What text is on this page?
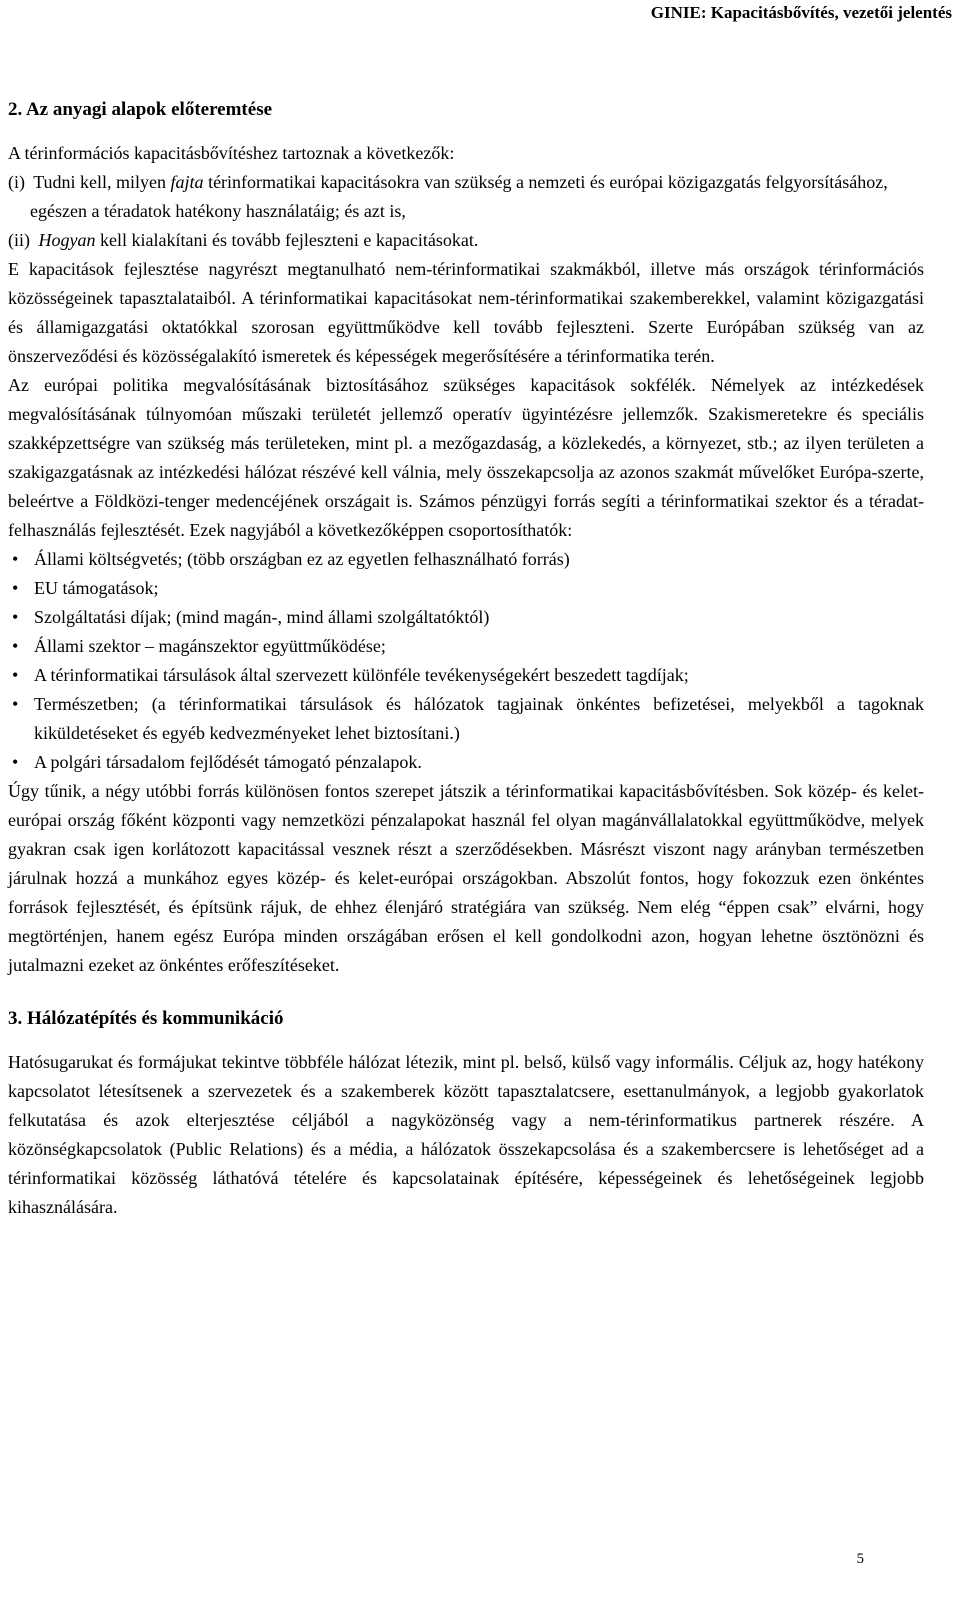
GINIE: Kapacitásbővítés, vezetői jelentés
2. Az anyagi alapok előteremtése

A térinformációs kapacitásbővítéshez tartoznak a következők:

(i) Tudni kell, milyen fajta térinformatikai kapacitásokra van szükség a nemzeti és európai közigazgatás felgyorsításához, egészen a téradatok hatékony használatáig; és azt is,
(ii) Hogyan kell kialakítani és tovább fejleszteni e kapacitásokat.

E kapacitások fejlesztése nagyrészt megtanulható nem-térinformatikai szakmákból, illetve más országok térinformációs közösségeinek tapasztalataiból. A térinformatikai kapacitásokat nem-térinformatikai szakemberekkel, valamint közigazgatási és államigazgatási oktatókkal szorosan együttműködve kell tovább fejleszteni. Szerte Európában szükség van az önszerveződési és közösségalakító ismeretek és képességek megerősítésére a térinformatika terén.

Az európai politika megvalósításának biztosításához szükséges kapacitások sokfélék. Némelyek az intézkedések megvalósításának túlnyomóan műszaki területét jellemző operatív ügyintézésre jellemzők. Szakismeretekre és speciális szakképzettségre van szükség más területeken, mint pl. a mezőgazdaság, a közlekedés, a környezet, stb.; az ilyen területen a szakigazgatásnak az intézkedési hálózat részévé kell válnia, mely összekapcsolja az azonos szakmát művelőket Európa-szerte, beleértve a Földközi-tenger medencéjének országait is. Számos pénzügyi forrás segíti a térinformatikai szektor és a téradat-felhasználás fejlesztését. Ezek nagyjából a következőképpen csoportosíthatók:

• Állami költségvetés; (több országban ez az egyetlen felhasználható forrás)
• EU támogatások;
• Szolgáltatási díjak; (mind magán-, mind állami szolgáltatóktól)
• Állami szektor – magánszektor együttműködése;
• A térinformatikai társulások által szervezett különféle tevékenységekért beszedett tagdíjak;
• Természetben; (a térinformatikai társulások és hálózatok tagjainak önkéntes befizetései, melyekből a tagoknak kiküldetéseket és egyéb kedvezményeket lehet biztosítani.)
• A polgári társadalom fejlődését támogató pénzalapok.

Úgy tűnik, a négy utóbbi forrás különösen fontos szerepet játszik a térinformatikai kapacitásbővítésben. Sok közép- és kelet-európai ország főként központi vagy nemzetközi pénzalapokat használ fel olyan magánvállalatokkal együttműködve, melyek gyakran csak igen korlátozott kapacitással vesznek részt a szerződésekben. Másrészt viszont nagy arányban természetben járulnak hozzá a munkához egyes közép- és kelet-európai országokban. Abszolút fontos, hogy fokozzuk ezen önkéntes források fejlesztését, és építsünk rájuk, de ehhez élenjáró stratégiára van szükség. Nem elég “éppen csak” elvárni, hogy megtörténjen, hanem egész Európa minden országában erősen el kell gondolkodni azon, hogyan lehetne ösztönözni és jutalmazni ezeket az önkéntes erőfeszítéseket.

3. Hálózatépítés és kommunikáció

Hatósugarukat és formájukat tekintve többféle hálózat létezik, mint pl. belső, külső vagy informális. Céljuk az, hogy hatékony kapcsolatot létesítsenek a szervezetek és a szakemberek között tapasztalatcsere, esettanulmányok, a legjobb gyakorlatok felkutatása és azok elterjesztése céljából a nagyközönség vagy a nem-térinformatikus partnerek részére. A közönségkapcsolatok (Public Relations) és a média, a hálózatok összekapcsolása és a szakembercsere is lehetőséget ad a térinformatikai közösség láthatóvá tételére és kapcsolatainak építésére, képességeinek és lehetőségeinek legjobb kihasználására.

5
